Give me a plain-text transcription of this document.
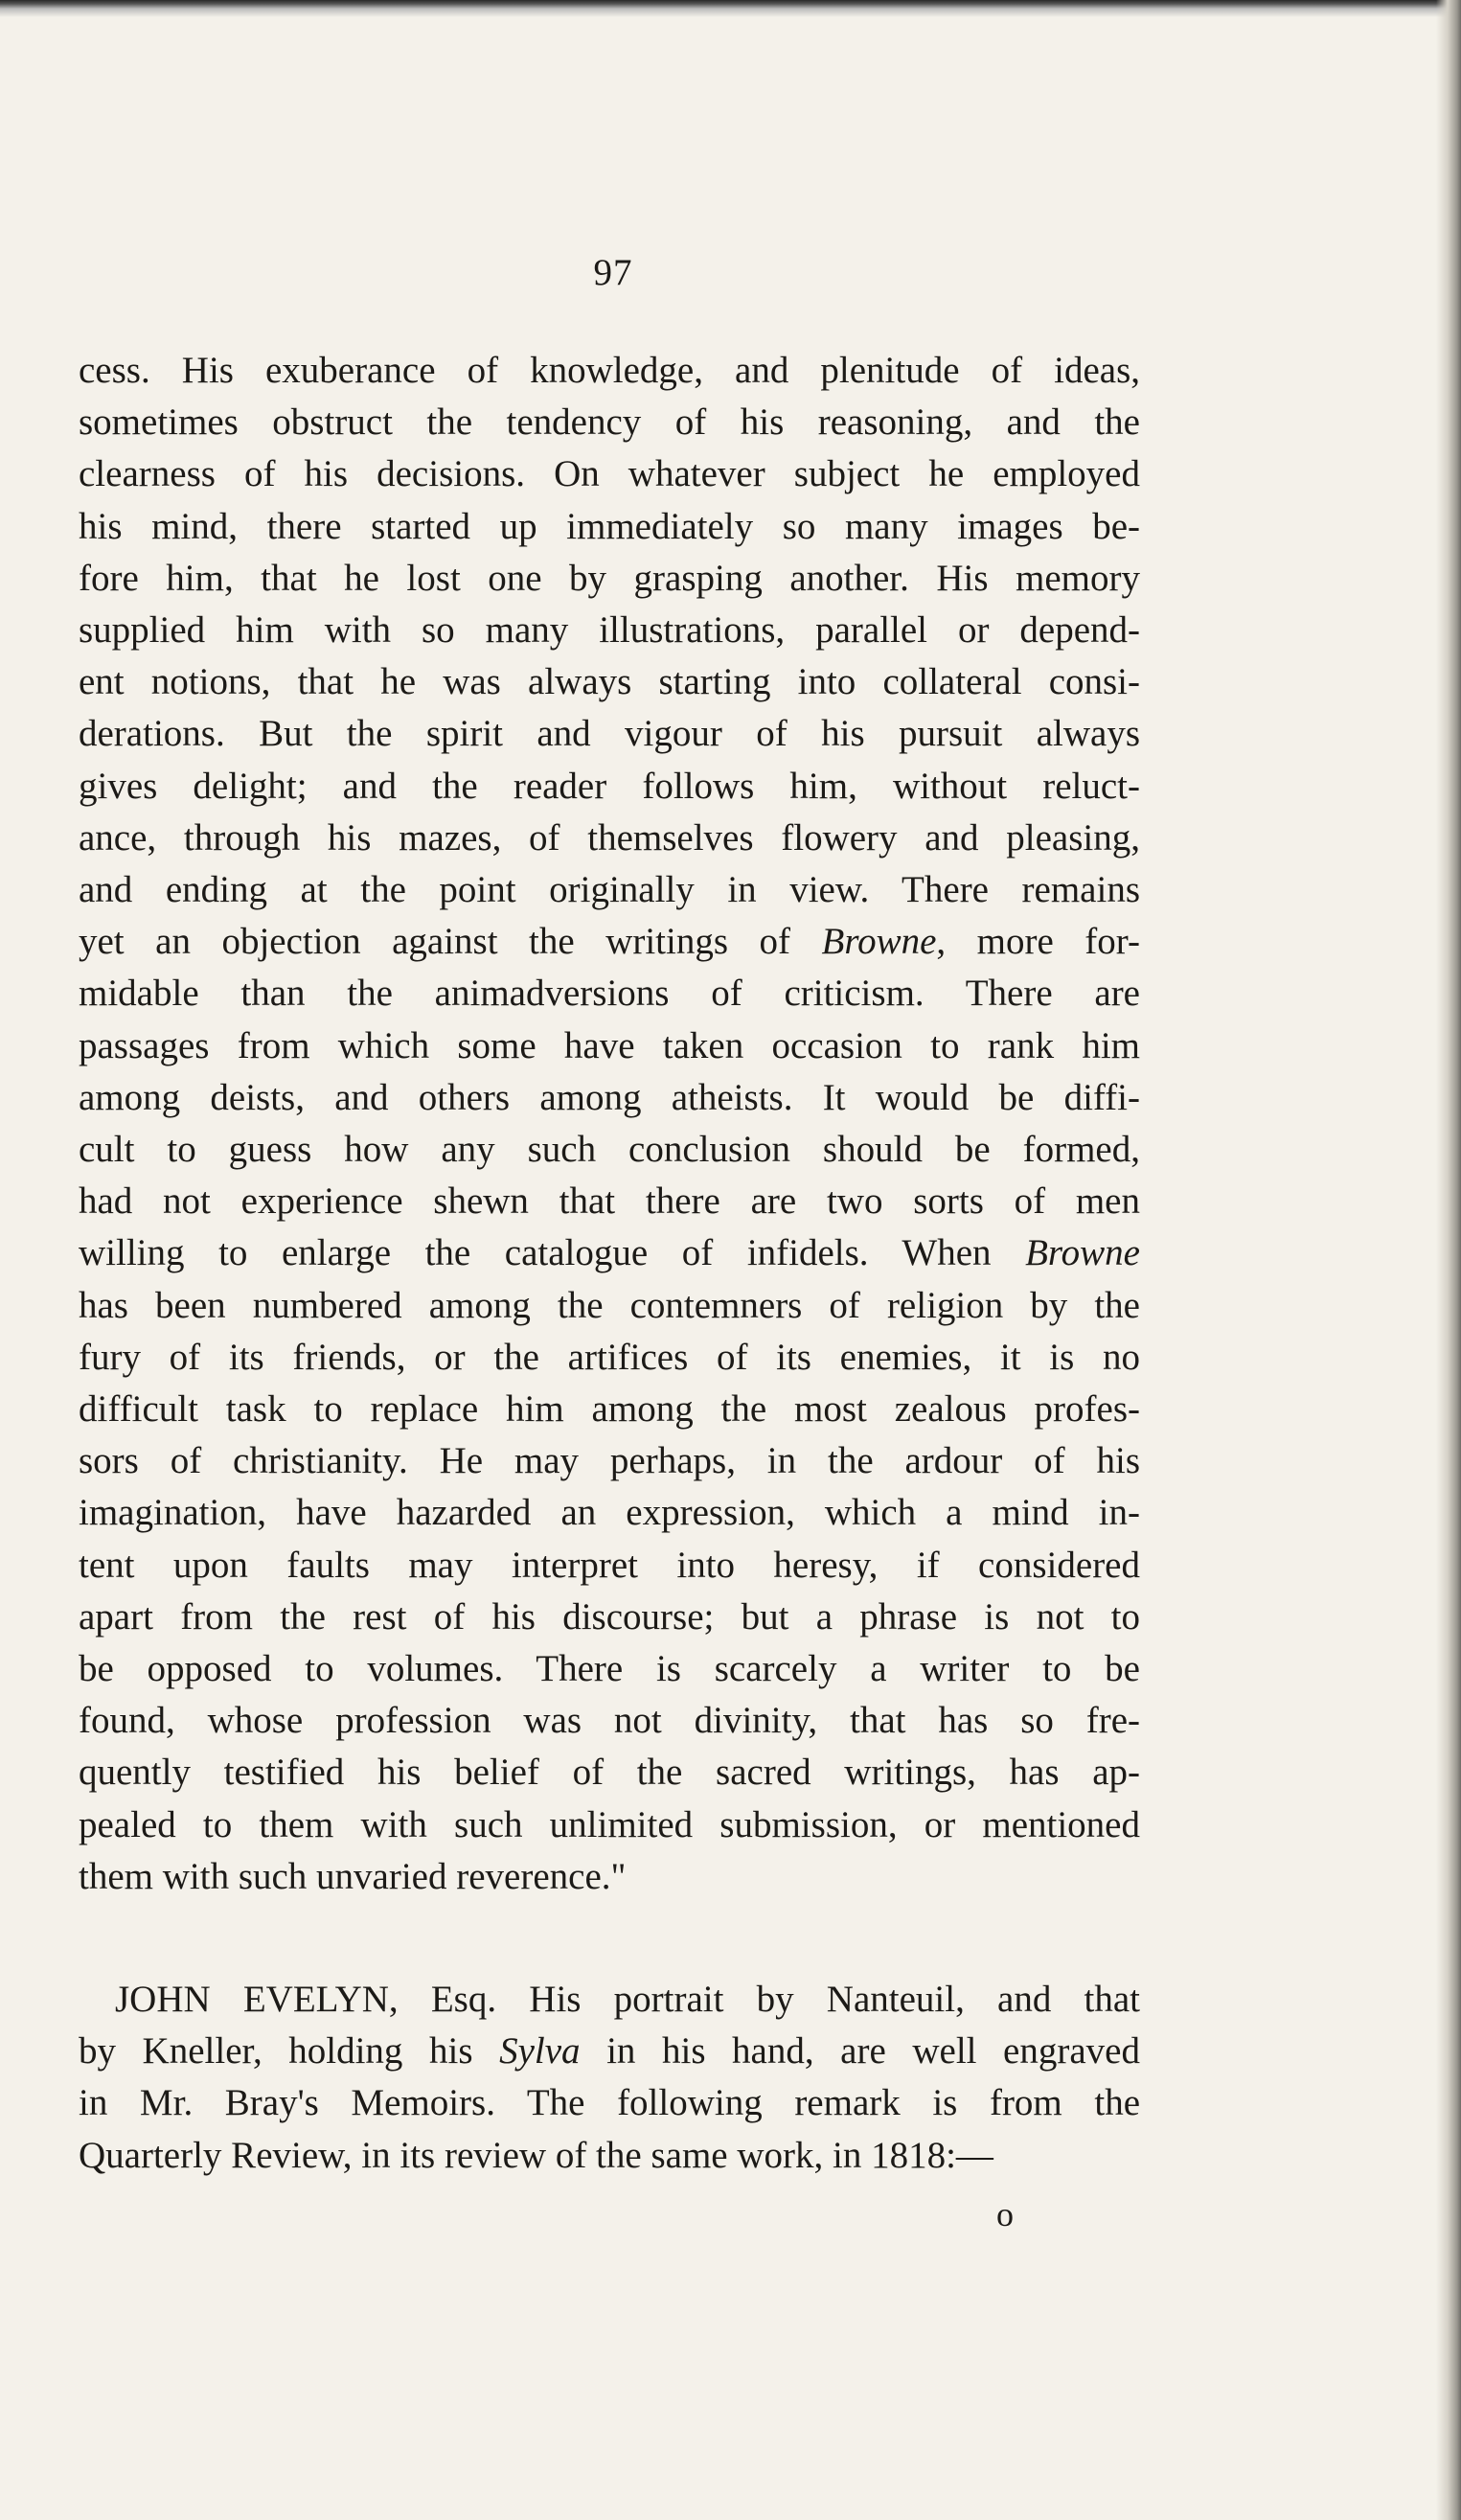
97
cess. His exuberance of knowledge, and plenitude of ideas,
sometimes obstruct the tendency of his reasoning, and the
clearness of his decisions. On whatever subject he employed
his mind, there started up immediately so many images be-
fore him, that he lost one by grasping another. His memory
supplied him with so many illustrations, parallel or depend-
ent notions, that he was always starting into collateral consi-
derations. But the spirit and vigour of his pursuit always
gives delight; and the reader follows him, without reluct-
ance, through his mazes, of themselves flowery and pleasing,
and ending at the point originally in view. There remains
yet an objection against the writings of Browne, more for-
midable than the animadversions of criticism. There are
passages from which some have taken occasion to rank him
among deists, and others among atheists. It would be diffi-
cult to guess how any such conclusion should be formed,
had not experience shewn that there are two sorts of men
willing to enlarge the catalogue of infidels. When Browne
has been numbered among the contemners of religion by the
fury of its friends, or the artifices of its enemies, it is no
difficult task to replace him among the most zealous profes-
sors of christianity. He may perhaps, in the ardour of his
imagination, have hazarded an expression, which a mind in-
tent upon faults may interpret into heresy, if considered
apart from the rest of his discourse; but a phrase is not to
be opposed to volumes. There is scarcely a writer to be
found, whose profession was not divinity, that has so fre-
quently testified his belief of the sacred writings, has ap-
pealed to them with such unlimited submission, or mentioned
them with such unvaried reverence."
JOHN EVELYN, Esq. His portrait by Nanteuil, and that
by Kneller, holding his Sylva in his hand, are well engraved
in Mr. Bray's Memoirs. The following remark is from the
Quarterly Review, in its review of the same work, in 1818:—
o
